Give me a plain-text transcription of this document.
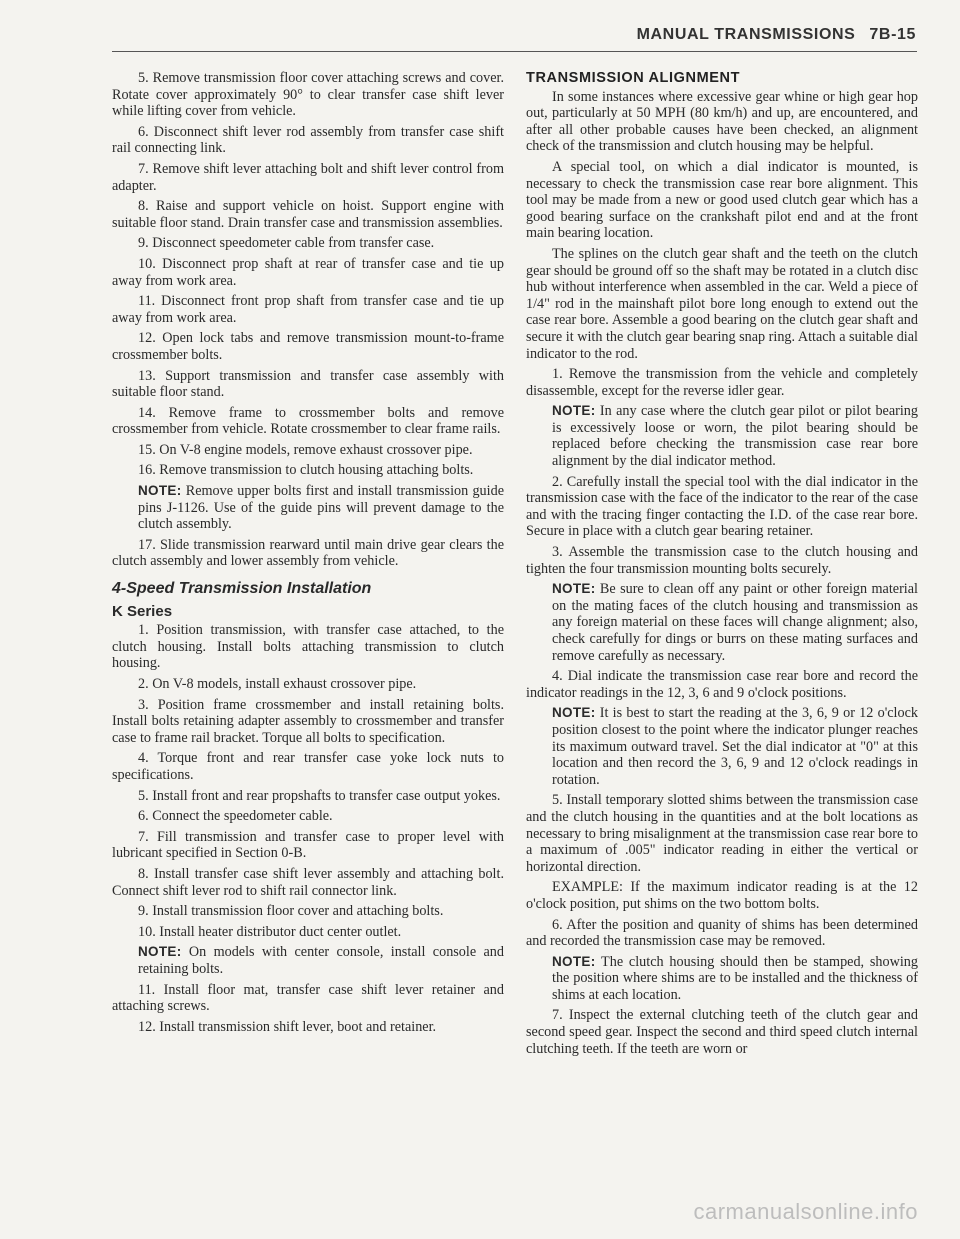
MANUAL TRANSMISSIONS 7B-15

5. Remove transmission floor cover attaching screws and cover. Rotate cover approximately 90° to clear transfer case shift lever while lifting cover from vehicle.

6. Disconnect shift lever rod assembly from transfer case shift rail connecting link.

7. Remove shift lever attaching bolt and shift lever control from adapter.

8. Raise and support vehicle on hoist. Support engine with suitable floor stand. Drain transfer case and transmission assemblies.

9. Disconnect speedometer cable from transfer case.

10. Disconnect prop shaft at rear of transfer case and tie up away from work area.

11. Disconnect front prop shaft from transfer case and tie up away from work area.

12. Open lock tabs and remove transmission mount-to-frame crossmember bolts.

13. Support transmission and transfer case assembly with suitable floor stand.

14. Remove frame to crossmember bolts and remove crossmember from vehicle. Rotate crossmember to clear frame rails.

15. On V-8 engine models, remove exhaust crossover pipe.

16. Remove transmission to clutch housing attaching bolts.

NOTE: Remove upper bolts first and install transmission guide pins J-1126. Use of the guide pins will prevent damage to the clutch assembly.

17. Slide transmission rearward until main drive gear clears the clutch assembly and lower assembly from vehicle.

4-Speed Transmission Installation
K Series

1. Position transmission, with transfer case attached, to the clutch housing. Install bolts attaching transmission to clutch housing.

2. On V-8 models, install exhaust crossover pipe.

3. Position frame crossmember and install retaining bolts. Install bolts retaining adapter assembly to crossmember and transfer case to frame rail bracket. Torque all bolts to specification.

4. Torque front and rear transfer case yoke lock nuts to specifications.

5. Install front and rear propshafts to transfer case output yokes.

6. Connect the speedometer cable.

7. Fill transmission and transfer case to proper level with lubricant specified in Section 0-B.

8. Install transfer case shift lever assembly and attaching bolt. Connect shift lever rod to shift rail connector link.

9. Install transmission floor cover and attaching bolts.

10. Install heater distributor duct center outlet.

NOTE: On models with center console, install console and retaining bolts.

11. Install floor mat, transfer case shift lever retainer and attaching screws.

12. Install transmission shift lever, boot and retainer.

TRANSMISSION ALIGNMENT

In some instances where excessive gear whine or high gear hop out, particularly at 50 MPH (80 km/h) and up, are encountered, and after all other probable causes have been checked, an alignment check of the transmission and clutch housing may be helpful.

A special tool, on which a dial indicator is mounted, is necessary to check the transmission case rear bore alignment. This tool may be made from a new or good used clutch gear which has a good bearing surface on the crankshaft pilot end and at the front main bearing location.

The splines on the clutch gear shaft and the teeth on the clutch gear should be ground off so the shaft may be rotated in a clutch disc hub without interference when assembled in the car. Weld a piece of 1/4" rod in the mainshaft pilot bore long enough to extend out the case rear bore. Assemble a good bearing on the clutch gear shaft and secure it with the clutch gear bearing snap ring. Attach a suitable dial indicator to the rod.

1. Remove the transmission from the vehicle and completely disassemble, except for the reverse idler gear.

NOTE: In any case where the clutch gear pilot or pilot bearing is excessively loose or worn, the pilot bearing should be replaced before checking the transmission case rear bore alignment by the dial indicator method.

2. Carefully install the special tool with the dial indicator in the transmission case with the face of the indicator to the rear of the case and with the tracing finger contacting the I.D. of the case rear bore. Secure in place with a clutch gear bearing retainer.

3. Assemble the transmission case to the clutch housing and tighten the four transmission mounting bolts securely.

NOTE: Be sure to clean off any paint or other foreign material on the mating faces of the clutch housing and transmission as any foreign material on these faces will change alignment; also, check carefully for dings or burrs on these mating surfaces and remove carefully as necessary.

4. Dial indicate the transmission case rear bore and record the indicator readings in the 12, 3, 6 and 9 o'clock positions.

NOTE: It is best to start the reading at the 3, 6, 9 or 12 o'clock position closest to the point where the indicator plunger reaches its maximum outward travel. Set the dial indicator at "0" at this location and then record the 3, 6, 9 and 12 o'clock readings in rotation.

5. Install temporary slotted shims between the transmission case and the clutch housing in the quantities and at the bolt locations as necessary to bring misalignment at the transmission case rear bore to a maximum of .005" indicator reading in either the vertical or horizontal direction.

EXAMPLE: If the maximum indicator reading is at the 12 o'clock position, put shims on the two bottom bolts.

6. After the position and quanity of shims has been determined and recorded the transmission case may be removed.

NOTE: The clutch housing should then be stamped, showing the position where shims are to be installed and the thickness of shims at each location.

7. Inspect the external clutching teeth of the clutch gear and second speed gear. Inspect the second and third speed clutch internal clutching teeth. If the teeth are worn or

carmanualsonline.info
